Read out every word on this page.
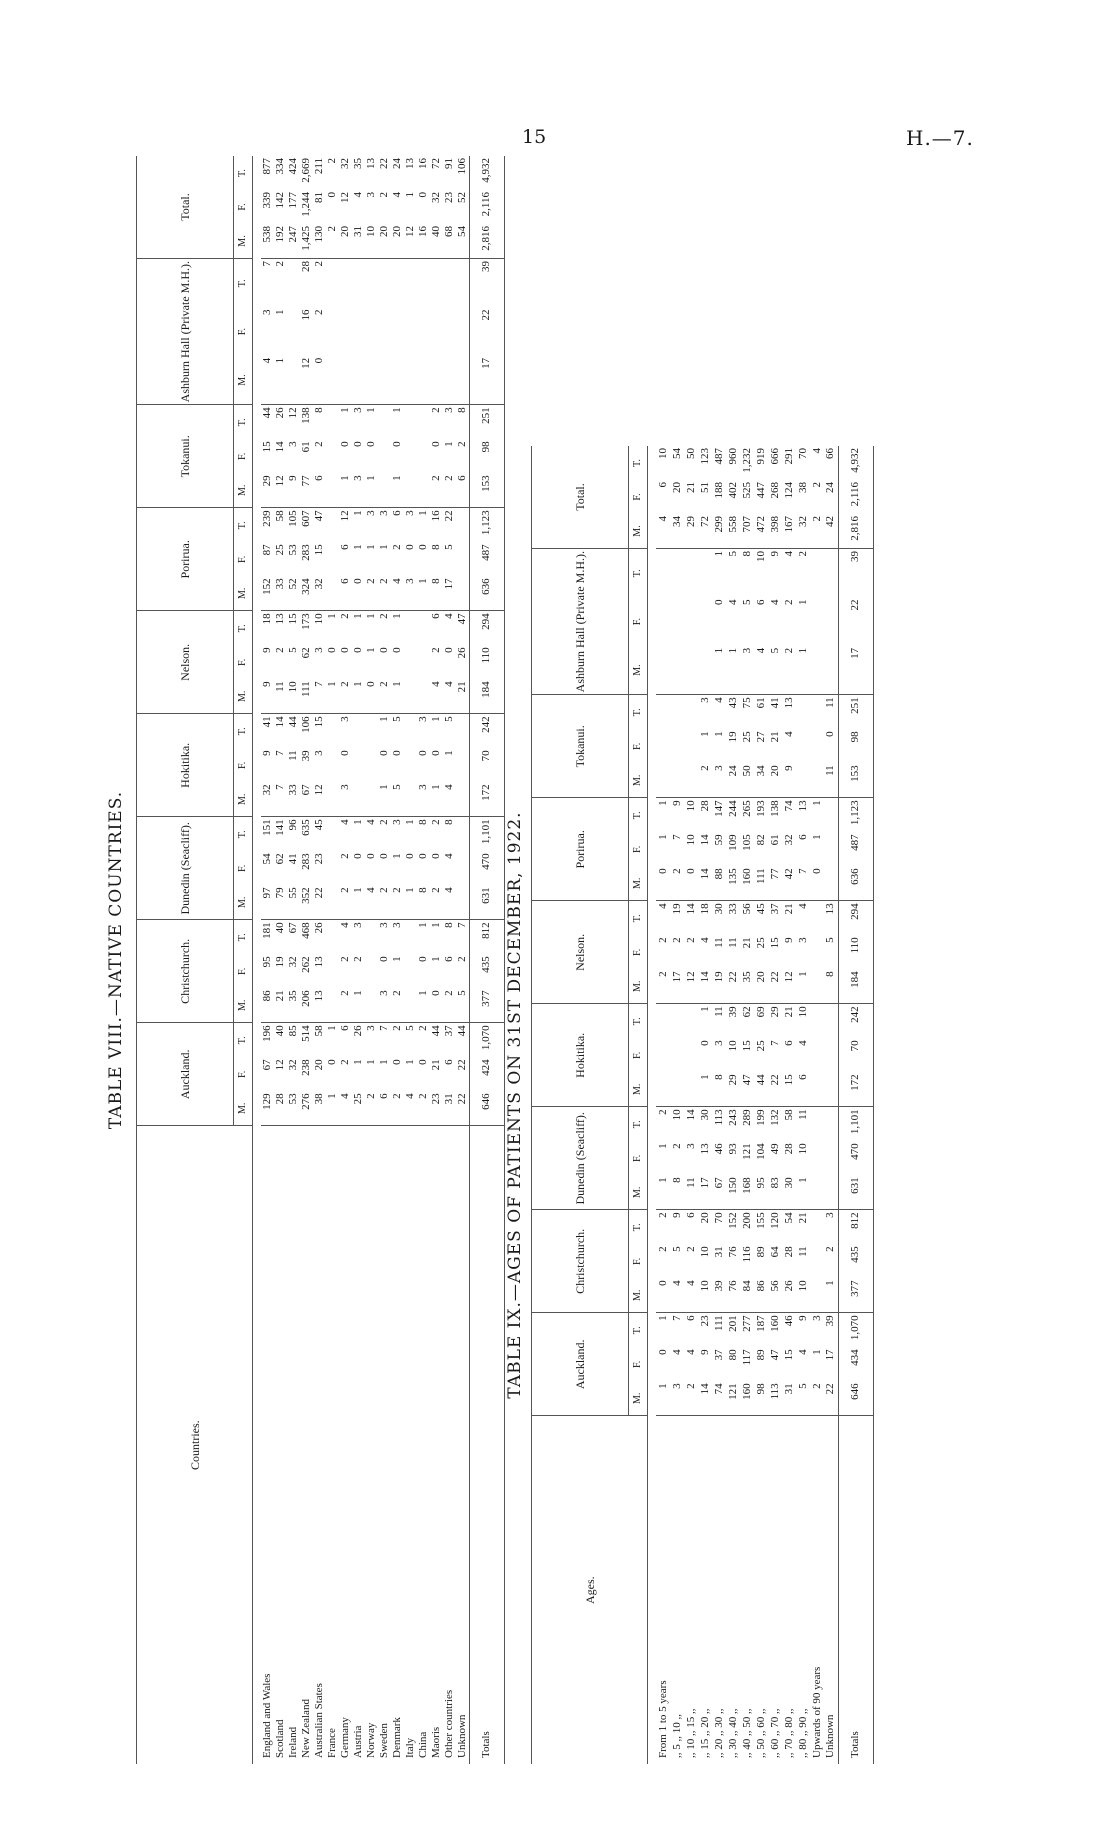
15	H.—7.
TABLE VIII.—NATIVE COUNTRIES.
Countries.	Auckland.			Christchurch.			Dunedin (Seacliff).			Hokitika.			Nelson.			Porirua.			Tokanui.			Ashburn Hall (Private M.H.).			Total.		
	M.	F.	T.	M.	F.	T.	M.	F.	T.	M.	F.	T.	M.	F.	T.	M.	F.	T.	M.	F.	T.	M.	F.	T.	M.	F.	T.

England and Wales	129	67	196	86	95	181	97	54	151	32	9	41	9	9	18	152	87	239	29	15	44	4	3	7	538	339	877
Scotland	28	12	40	21	19	40	79	62	141	7	7	14	11	2	13	33	25	58	12	14	26	1	1	2	192	142	334
Ireland	53	32	85	35	32	67	55	41	96	33	11	44	10	5	15	52	53	105	9	3	12				247	177	424
New Zealand	276	238	514	206	262	468	352	283	635	67	39	106	111	62	173	324	283	607	77	61	138	12	16	28	1,425	1,244	2,669
Australian States	38	20	58	13	13	26	22	23	45	12	3	15	7	3	10	32	15	47	6	2	8	0	2	2	130	81	211
France	1	0	1										1	0	1										2	0	2
Germany	4	2	6	2	2	4	2	2	4	3	0	3	2	0	2	6	6	12	1	0	1				20	12	32
Austria	25	1	26	1	2	3	1	0	1				1	0	1	0	1	1	3	0	3				31	4	35
Norway	2	1	3				4	0	4				0	1	1	2	1	3	1	0	1				10	3	13
Sweden	6	1	7	3	0	3	2	0	2	1	0	1	2	0	2	2	1	3							20	2	22
Denmark	2	0	2	2	1	3	2	1	3	5	0	5	1	0	1	4	2	6	1	0	1				20	4	24
Italy	4	1	5				1	0	1							3	0	3							12	1	13
China	2	0	2	1	0	1	8	0	8	3	0	3				1	0	1							16	0	16
Maoris	23	21	44	0	1	1	2	0	2	1	0	1	4	2	6	8	8	16	2	0	2				40	32	72
Other countries	31	6	37	2	6	8	4	4	8	4	1	5	4	0	4	17	5	22	2	1	3				68	23	91
Unknown	22	22	44	5	2	7							21	26	47				6	2	8				54	52	106
Totals	646	424	1,070	377	435	812	631	470	1,101	172	70	242	184	110	294	636	487	1,123	153	98	251	17	22	39	2,816	2,116	4,932
TABLE IX.—AGES OF PATIENTS ON 31ST DECEMBER, 1922.
Ages.	Auckland.			Christchurch.			Dunedin (Seacliff).			Hokitika.			Nelson.			Porirua.			Tokanui.			Ashburn Hall (Private M.H.).			Total.		
	M.	F.	T.	M.	F.	T.	M.	F.	T.	M.	F.	T.	M.	F.	T.	M.	F.	T.	M.	F.	T.	M.	F.	T.	M.	F.	T.

From 1 to 5 years	1	0	1	0	2	2	1	1	2				2	2	4	0	1	1							4	6	10
,, 5 ,, 10 ,,	3	4	7	4	5	9	8	2	10				17	2	19	2	7	9							34	20	54
,, 10 ,, 15 ,,	2	4	6	4	2	6	11	3	14				12	2	14	0	10	10							29	21	50
,, 15 ,, 20 ,,	14	9	23	10	10	20	17	13	30	1	0	1	14	4	18	14	14	28	2	1	3				72	51	123
,, 20 ,, 30 ,,	74	37	111	39	31	70	67	46	113	8	3	11	19	11	30	88	59	147	3	1	4	1	0	1	299	188	487
,, 30 ,, 40 ,,	121	80	201	76	76	152	150	93	243	29	10	39	22	11	33	135	109	244	24	19	43	1	4	5	558	402	960
,, 40 ,, 50 ,,	160	117	277	84	116	200	168	121	289	47	15	62	35	21	56	160	105	265	50	25	75	3	5	8	707	525	1,232
,, 50 ,, 60 ,,	98	89	187	86	89	155	95	104	199	44	25	69	20	25	45	111	82	193	34	27	61	4	6	10	472	447	919
,, 60 ,, 70 ,,	113	47	160	56	64	120	83	49	132	22	7	29	22	15	37	77	61	138	20	21	41	5	4	9	398	268	666
,, 70 ,, 80 ,,	31	15	46	26	28	54	30	28	58	15	6	21	12	9	21	42	32	74	9	4	13	2	2	4	167	124	291
,, 80 ,, 90 ,,	5	4	9	10	11	21	1	10	11	6	4	10	1	3	4	7	6	13				1	1	2	32	38	70
Upwards of 90 years	2	1	3													0	1	1							2	2	4
Unknown	22	17	39	1	2	3							8	5	13				11	0	11				42	24	66
Totals	646	434	1,070	377	435	812	631	470	1,101	172	70	242	184	110	294	636	487	1,123	153	98	251	17	22	39	2,816	2,116	4,932
